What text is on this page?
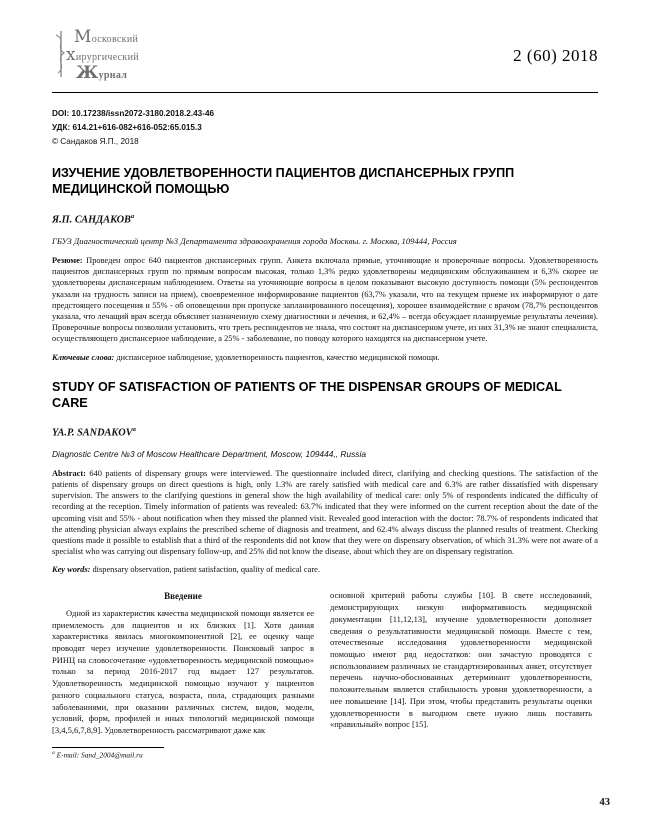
Московский
хирургический
Журнал
2 (60) 2018
DOI: 10.17238/issn2072-3180.2018.2.43-46
УДК: 614.21+616-082+616-052:65.015.3
© Сандаков Я.П., 2018
ИЗУЧЕНИЕ УДОВЛЕТВОРЕННОСТИ ПАЦИЕНТОВ ДИСПАНСЕРНЫХ ГРУПП МЕДИЦИНСКОЙ ПОМОЩЬЮ
Я.П. САНДАКОВ$^a$
ГБУЗ Диагностический центр №3 Департамента здравоохранения города Москвы. г. Москва, 109444, Россия

Резюме: Проведен опрос 640 пациентов диспансерных групп. Анкета включала прямые, уточняющие и проверочные вопросы. Удовлетворенность пациентов диспансерных групп по прямым вопросам высокая, только 1,3% редко удовлетворены медицинским обслуживанием и 6,3% скорее не удовлетворены диспансерным наблюдением. Ответы на уточняющие вопросы в целом показывают высокую доступность помощи (5% респондентов указали на трудность записи на прием), своевременное информирование пациентов (63,7% указали, что на текущем приеме их информируют о дате предстоящего посещения и 55% - об оповещении при пропуске запланированного посещения), хорошее взаимодействие с врачом (78,7% респондентов указала, что лечащий врач всегда объясняет назначенную схему диагностики и лечения, и 62,4% – всегда обсуждает планируемые результаты лечения). Проверочные вопросы позволили установить, что треть респондентов не знала, что состоят на диспансерном учете, из них 31,3% не знают специалиста, осуществляющего диспансерное наблюдение, а 25% - заболевание, по поводу которого находятся на диспансерном учете.

Ключевые слова: диспансерное наблюдение, удовлетворенность пациентов, качество медицинской помощи.

STUDY OF SATISFACTION OF PATIENTS OF THE DISPENSAR GROUPS OF MEDICAL CARE
YA.P. SANDAKOV$^a$
Diagnostic Centre №3 of Moscow Healthcare Department, Moscow, 109444,, Russia

Abstract: 640 patients of dispensary groups were interviewed. The questionnaire included direct, clarifying and checking questions. The satisfaction of the patients of dispensary groups on direct questions is high, only 1.3% are rarely satisfied with medical care and 6.3% are rather dissatisfied with dispensary supervision. The answers to the clarifying questions in general show the high availability of medical care: only 5% of respondents indicated the difficulty of recording at the reception. Timely information of patients was revealed: 63.7% indicated that they were informed on the current reception about the date of the upcoming visit and 55% - about notification when they missed the planned visit. Revealed good interaction with the doctor: 78.7% of respondents indicated that the attending physician always explains the prescribed scheme of diagnosis and treatment, and 62.4% always discuss the planned results of treatment. Checking questions made it possible to establish that a third of the respondents did not know that they were on dispensary observation, of which 31.3% were not aware of a specialist who was carrying out dispensary follow-up, and 25% did not know the disease, about which they are on dispensary registration.

Key words: dispensary observation, patient satisfaction, quality of medical care.

Введение

Одной из характеристик качества медицинской помощи является ее приемлемость для пациентов и их близких [1]. Хотя данная характеристика явилась многокомпонентной [2], ее оценку чаще проводят через изучение удовлетворенности. Поисковый запрос в РИНЦ на словосочетание «удовлетворенность медицинской помощью» только за период 2016-2017 год выдает 127 результатов. Удовлетворенность медицинской помощью изучают у пациентов разного социального статуса, возраста, пола, страдающих разными заболеваниями, при оказании различных систем, видов, модели, условий, форм, профилей и иных типологий медицинской помощи [3,4,5,6,7,8,9]. Удовлетворенность рассматривают даже как

основной критерий работы службы [10]. В свете исследований, демонстрирующих низкую информативность медицинской документации [11,12,13], изучение удовлетворенности дополняет сведения о результативности медицинской помощи. Вместе с тем, отечественные исследования удовлетворенности медицинской помощью имеют ряд недостатков: они зачастую проводятся с использованием различных не стандартизированных анкет, отсутствует перечень научно-обоснованных детерминант удовлетворенности, положительным является стабильность уровня удовлетворенности, а нее повышение [14]. При этом, чтобы представить результаты оценки удовлетворенности в выгодном свете нужно лишь поставить «правильный» вопрос [15].

$^a$ E-mail: Sand_2004@mail.ru
43
